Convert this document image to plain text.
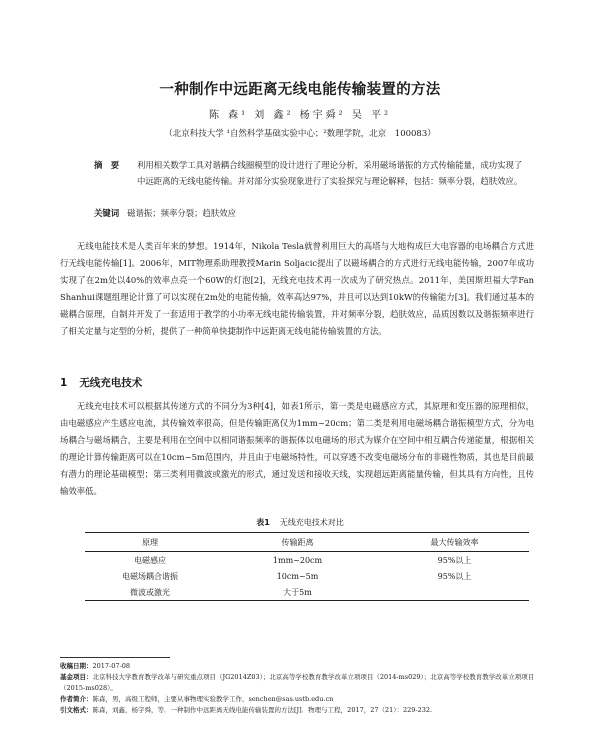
一种制作中远距离无线电能传输装置的方法
陈 森¹ 刘 鑫² 杨宇舜² 吴 平²
（北京科技大学 ¹自然科学基础实验中心；²数理学院，北京　100083）
摘　要 利用相关数学工具对谐耦合线圈模型的设计进行了理论分析，采用磁场谐振的方式传输能量，成功实现了中远距离的无线电能传输。并对部分实验现象进行了实验探究与理论解释，包括：频率分裂，趋肤效应。
关键词 磁谐振；频率分裂；趋肤效应

无线电能技术是人类百年来的梦想。1914年，Nikola Tesla就曾利用巨大的高塔与大地构成巨大电容器的电场耦合方式进行无线电能传输[1]。2006年，MIT物理系助理教授Marin Soljacic提出了以磁场耦合的方式进行无线电能传输，2007年成功实现了在2m处以40%的效率点亮一个60W的灯泡[2]，无线充电技术再一次成为了研究热点。2011年，美国斯坦福大学Fan Shanhui课题组理论计算了可以实现在2m处的电能传输，效率高达97%，并且可以达到10kW的传输能力[3]。我们通过基本的磁耦合原理，自制并开发了一套适用于教学的小功率无线电能传输装置，并对频率分裂，趋肤效应，品质因数以及谐振频率进行了相关定量与定型的分析，提供了一种简单快捷制作中远距离无线电能传输装置的方法。

1 无线充电技术

无线充电技术可以根据其传递方式的不同分为3种[4]，如表1所示，第一类是电磁感应方式，其原理和变压器的原理相似，由电磁感应产生感应电流，其传输效率很高，但是传输距离仅为1mm~20cm；第二类是利用电磁场耦合谐振模型方式，分为电场耦合与磁场耦合，主要是利用在空间中以相同谐振频率的谐振体以电磁场的形式为媒介在空间中相互耦合传递能量，根据相关的理论计算传输距离可以在10cm~5m范围内，并且由于电磁场特性，可以穿透不改变电磁场分布的非磁性物质，其也是目前最有潜力的理论基础模型；第三类利用微波或激光的形式，通过发送和接收天线，实现超远距离能量传输，但其具有方向性，且传输效率低。

表1 无线充电技术对比
原理	传输距离	最大传输效率
电磁感应	1mm~20cm	95%以上
电磁场耦合谐振	10cm~5m	95%以上
微波或激光	大于5m	
收稿日期：2017-07-08
基金项目：北京科技大学教育教学改革与研究重点项目（JG2014Z03）；北京高等学校教育教学改革立项项目（2014-ms029）；北京高等学校教育教学改革立项项目（2015-ms028）。
作者简介：陈森，男，高级工程师，主要从事物理实验教学工作，senchen@sas.ustb.edu.cn
引文格式：陈森，刘鑫，杨宇舜，等．一种制作中远距离无线电能传输装置的方法[J]．物理与工程，2017，27（21）：229-232.
